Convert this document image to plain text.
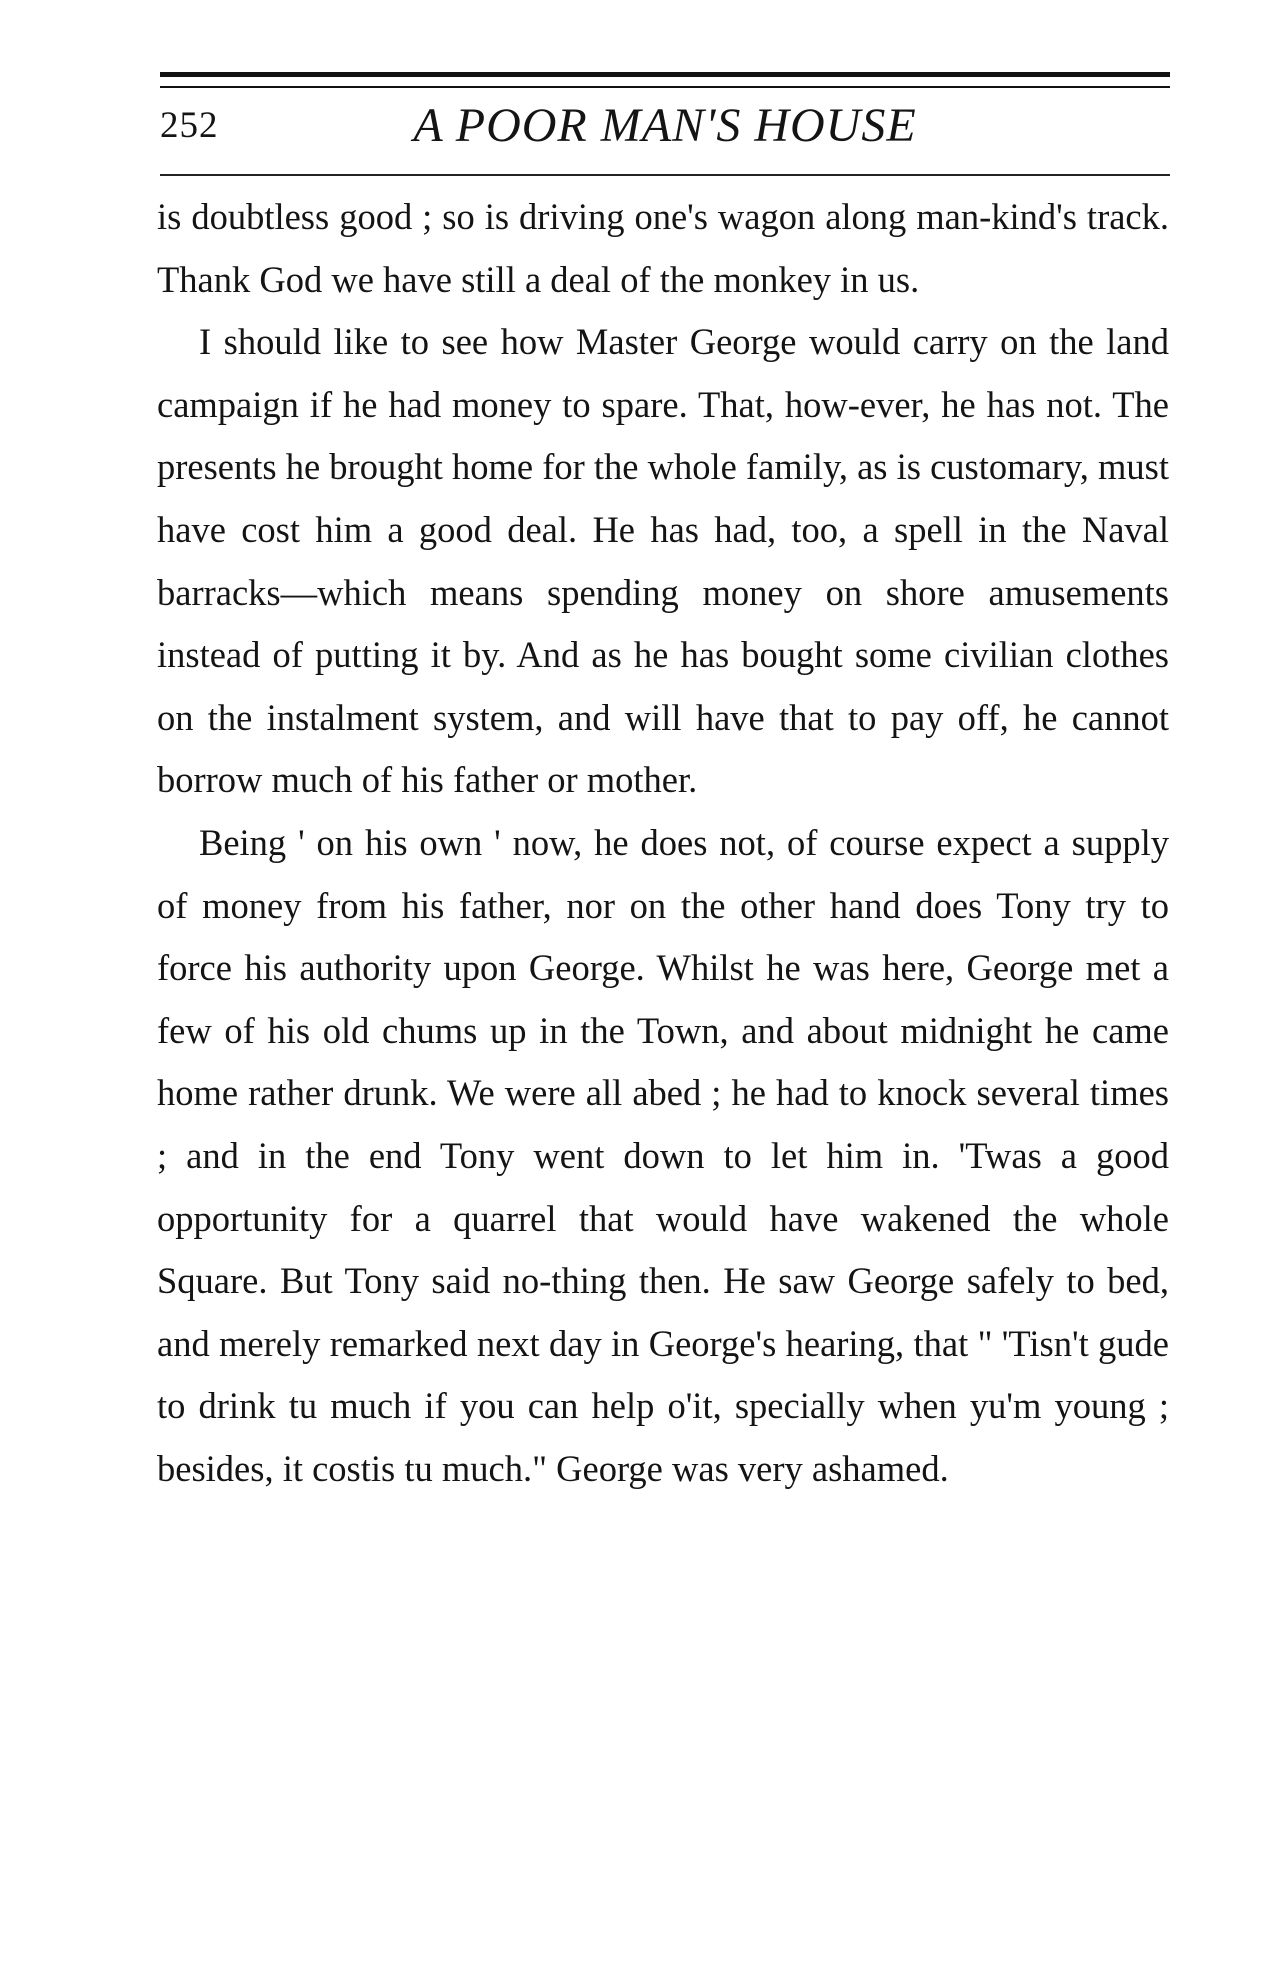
252	A POOR MAN'S HOUSE

is doubtless good ; so is driving one's wagon along man-kind's track. Thank God we have still a deal of the monkey in us.

I should like to see how Master George would carry on the land campaign if he had money to spare. That, how-ever, he has not. The presents he brought home for the whole family, as is customary, must have cost him a good deal. He has had, too, a spell in the Naval barracks—which means spending money on shore amusements instead of putting it by. And as he has bought some civilian clothes on the instalment system, and will have that to pay off, he cannot borrow much of his father or mother.

Being ' on his own ' now, he does not, of course expect a supply of money from his father, nor on the other hand does Tony try to force his authority upon George. Whilst he was here, George met a few of his old chums up in the Town, and about midnight he came home rather drunk. We were all abed ; he had to knock several times ; and in the end Tony went down to let him in. 'Twas a good opportunity for a quarrel that would have wakened the whole Square. But Tony said no-thing then. He saw George safely to bed, and merely remarked next day in George's hearing, that " 'Tisn't gude to drink tu much if you can help o'it, specially when yu'm young ; besides, it costis tu much." George was very ashamed.
